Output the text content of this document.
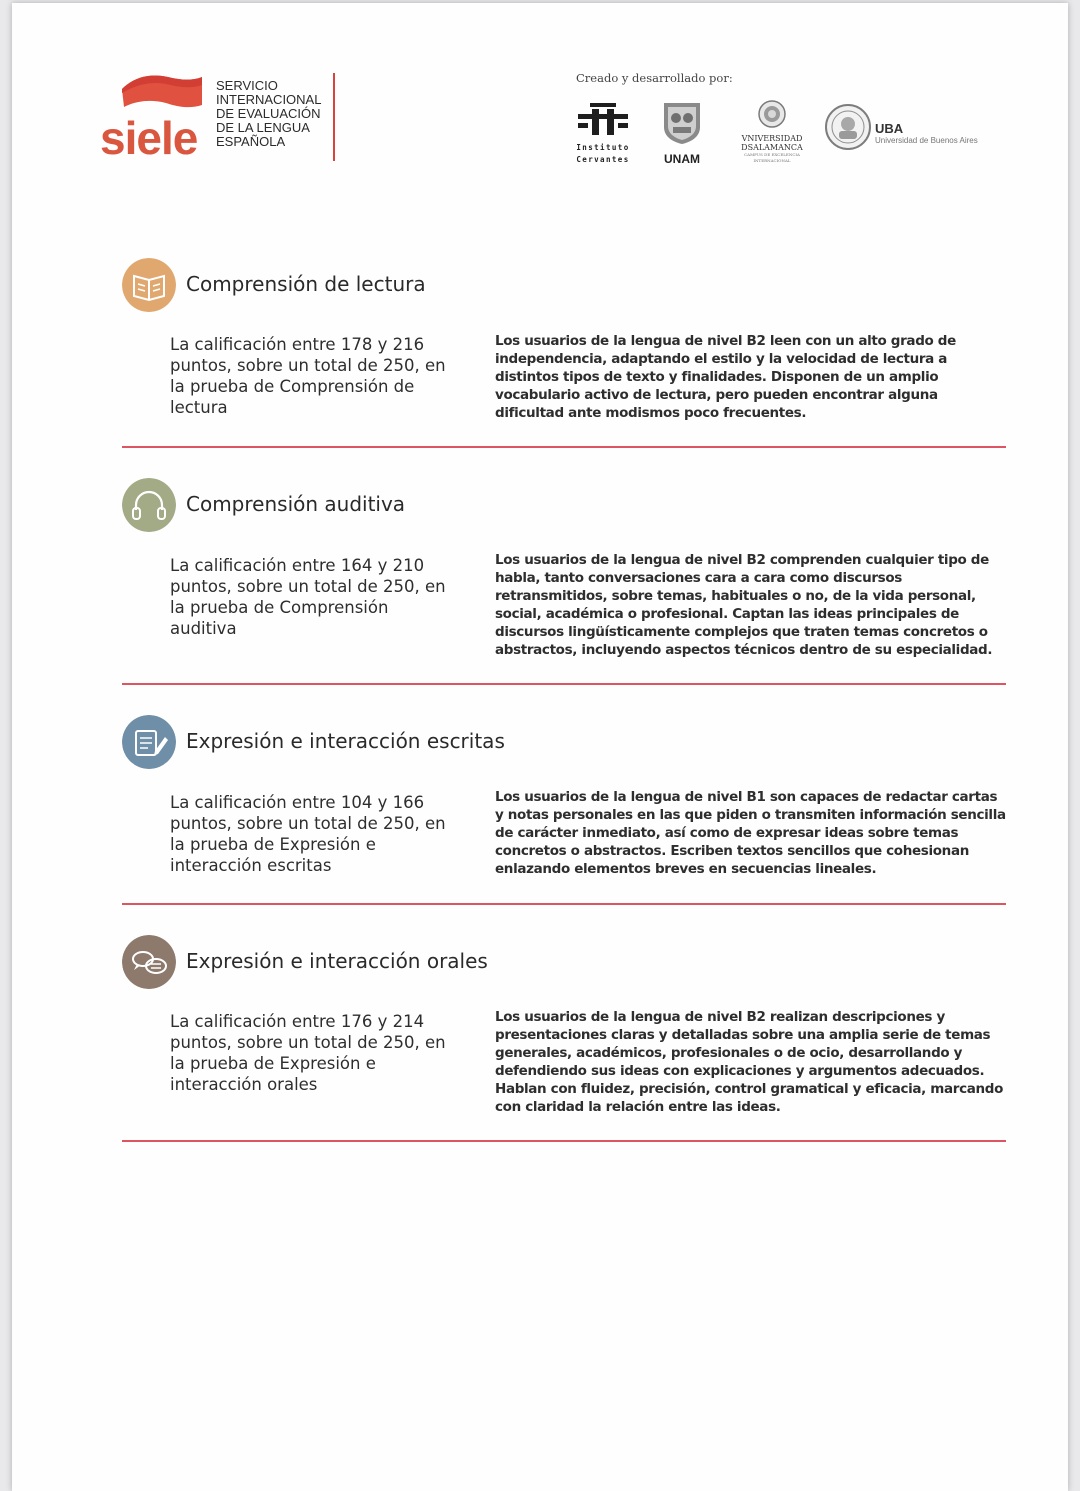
siele
SERVICIO
INTERNACIONAL
DE EVALUACIÓN
DE LA LENGUA
ESPAÑOLA
Creado y desarrollado por:
Instituto
Cervantes	UNAM
VNIVERSIDAD
DSALAMANCA
CAMPUS DE EXCELENCIA INTERNACIONAL
UBA
Universidad de Buenos Aires
Comprensión de lectura
La calificación entre 178 y 216 puntos, sobre un total de 250, en la prueba de Comprensión de lectura
Los usuarios de la lengua de nivel B2 leen con un alto grado de independencia, adaptando el estilo y la velocidad de lectura a distintos tipos de texto y finalidades. Disponen de un amplio vocabulario activo de lectura, pero pueden encontrar alguna dificultad ante modismos poco frecuentes.
Comprensión auditiva
La calificación entre 164 y 210 puntos, sobre un total de 250, en la prueba de Comprensión auditiva
Los usuarios de la lengua de nivel B2 comprenden cualquier tipo de habla, tanto conversaciones cara a cara como discursos retransmitidos, sobre temas, habituales o no, de la vida personal, social, académica o profesional. Captan las ideas principales de discursos lingüísticamente complejos que traten temas concretos o abstractos, incluyendo aspectos técnicos dentro de su especialidad.
Expresión e interacción escritas
La calificación entre 104 y 166 puntos, sobre un total de 250, en la prueba de Expresión e interacción escritas
Los usuarios de la lengua de nivel B1 son capaces de redactar cartas y notas personales en las que piden o transmiten información sencilla de carácter inmediato, así como de expresar ideas sobre temas concretos o abstractos. Escriben textos sencillos que cohesionan enlazando elementos breves en secuencias lineales.
Expresión e interacción orales
La calificación entre 176 y 214 puntos, sobre un total de 250, en la prueba de Expresión e interacción orales
Los usuarios de la lengua de nivel B2 realizan descripciones y presentaciones claras y detalladas sobre una amplia serie de temas generales, académicos, profesionales o de ocio, desarrollando y defendiendo sus ideas con explicaciones y argumentos adecuados. Hablan con fluidez, precisión, control gramatical y eficacia, marcando con claridad la relación entre las ideas.
